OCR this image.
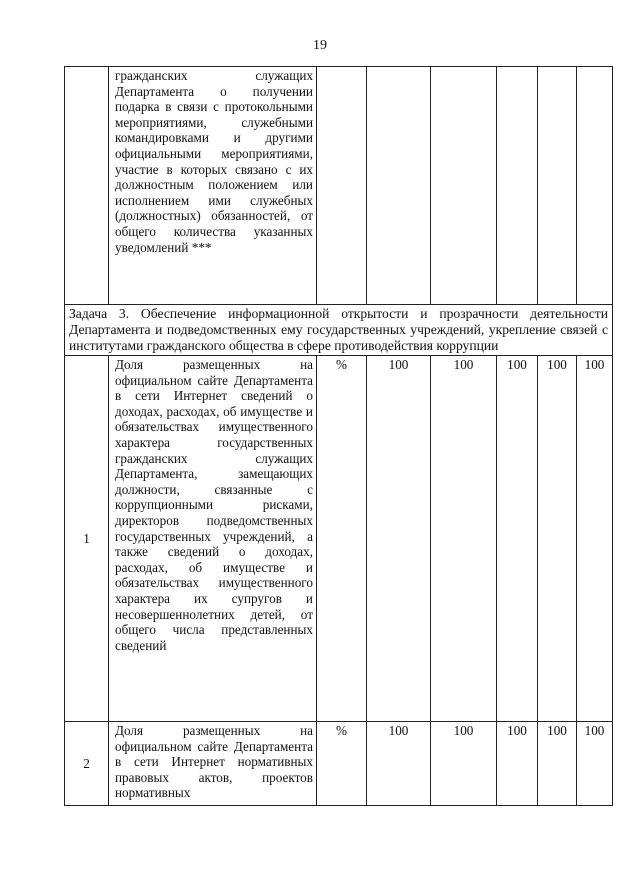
19
	гражданских служащих Департамента о получении подарка в связи с протокольными мероприятиями, служебными командировками и другими официальными мероприятиями, участие в которых связано с их должностным положением или исполнением ими служебных (должностных) обязанностей, от общего количества указанных уведомлений ***						
Задача 3. Обеспечение информационной открытости и прозрачности деятельности Департамента и подведомственных ему государственных учреждений, укрепление связей с институтами гражданского общества в сфере противодействия коррупции							
1	Доля размещенных на официальном сайте Департамента в сети Интернет сведений о доходах, расходах, об имуществе и обязательствах имущественного характера государственных гражданских служащих Департамента, замещающих должности, связанные с коррупционными рисками, директоров подведомственных государственных учреждений, а также сведений о доходах, расходах, об имуществе и обязательствах имущественного характера их супругов и несовершеннолетних детей, от общего числа представленных сведений	%	100	100	100	100	100
2	Доля размещенных на официальном сайте Департамента в сети Интернет нормативных правовых актов, проектов нормативных	%	100	100	100	100	100
